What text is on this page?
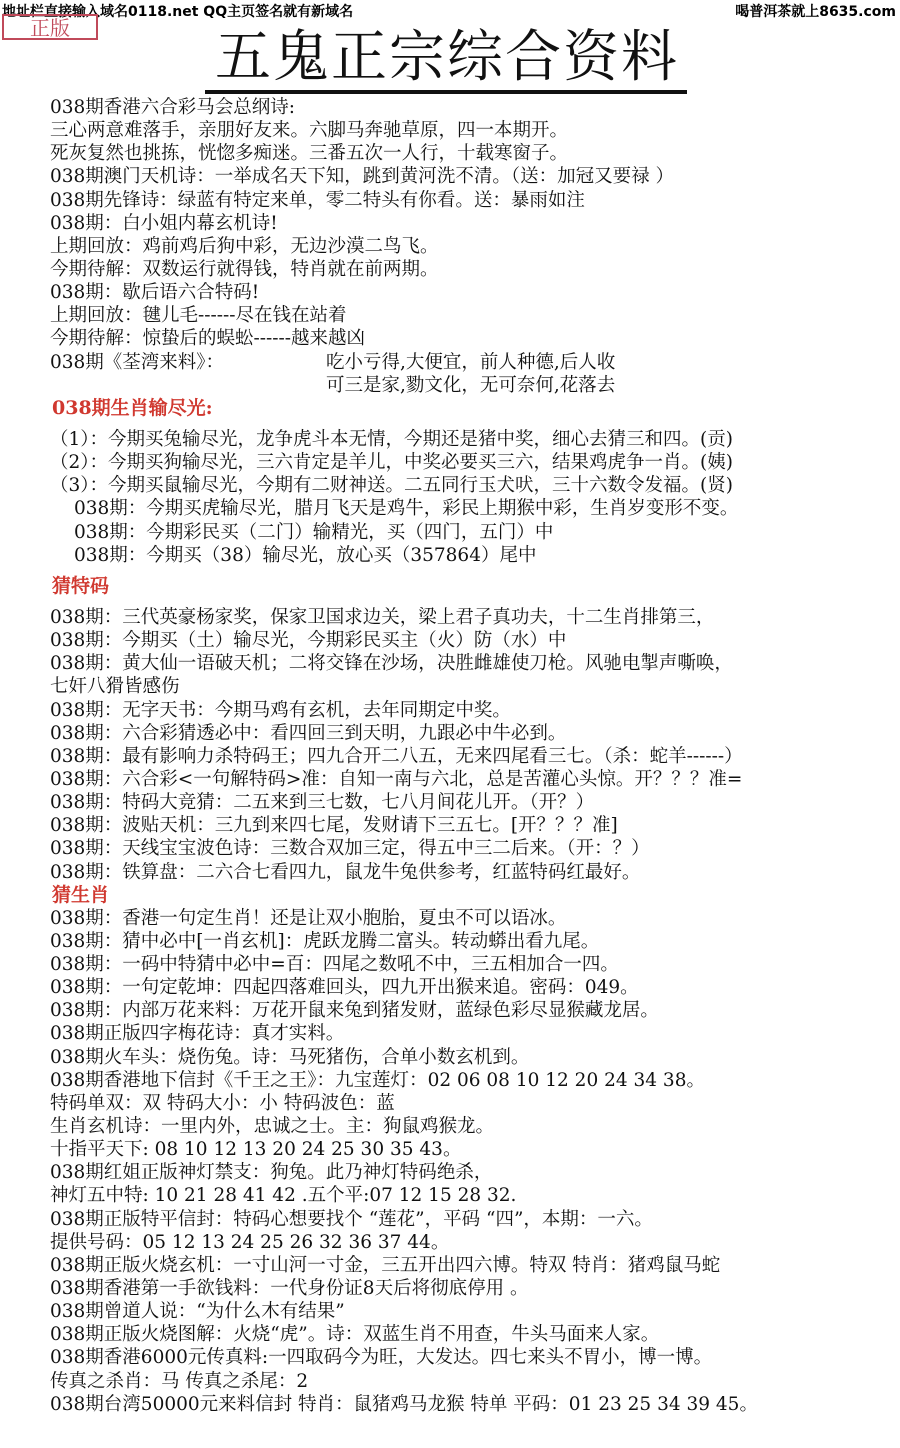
地址栏直接输入域名0118.net QQ主页签名就有新域名	喝普洱茶就上8635.com
正版	五鬼正宗综合资料
038期香港六合彩马会总纲诗:
三心两意难落手，亲朋好友来。六脚马奔驰草原，四一本期开。
死灰复然也挑拣，恍惚多痴迷。三番五次一人行，十载寒窗子。
038期澳门天机诗：一举成名天下知，跳到黄河洗不清。（送：加冠又要禄 ）
038期先锋诗：绿蓝有特定来单，零二特头有你看。送：暴雨如注
038期：白小姐内幕玄机诗!
上期回放：鸡前鸡后狗中彩，无边沙漠二鸟飞。
今期待解：双数运行就得钱，特肖就在前两期。
038期：歇后语六合特码!
上期回放：毽儿毛------尽在钱在站着
今期待解：惊蛰后的蜈蚣------越来越凶
038期《荃湾来料》：	吃小亏得,大便宜，前人种德,后人收
可三是家,勠文化，无可奈何,花落去
038期生肖输尽光:
（1）：今期买兔输尽光，龙争虎斗本无情，今期还是猪中奖，细心去猜三和四。(贡)
（2）：今期买狗输尽光，三六肯定是羊儿，中奖必要买三六，结果鸡虎争一肖。(姨)
（3）：今期买鼠输尽光，今期有二财神送。二五同行玉犬吠，三十六数令发福。(贤)
038期：今期买虎输尽光，腊月飞天是鸡牛，彩民上期猴中彩，生肖岁变形不变。
038期：今期彩民买（二门）输精光，买（四门，五门）中
038期：今期买（38）输尽光，放心买（357864）尾中
猜特码
038期：三代英豪杨家奖，保家卫国求边关，梁上君子真功夫，十二生肖排第三，
038期：今期买（土）输尽光，今期彩民买主（火）防（水）中
038期：黄大仙一语破天机；二将交锋在沙场，决胜雌雄使刀枪。风驰电掣声嘶唤，
七奸八猾皆感伤
038期：无字天书：今期马鸡有玄机，去年同期定中奖。
038期：六合彩猜透必中：看四回三到天明，九跟必中牛必到。
038期：最有影响力杀特码王；四九合开二八五，无来四尾看三七。（杀：蛇羊------）
038期：六合彩<一句解特码>准：自知一南与六北，总是苦灌心头惊。开？？？准=
038期：特码大竞猜：二五来到三七数，七八月间花儿开。（开？）
038期：波贴天机：三九到来四七尾，发财请下三五七。[开？？？准]
038期：天线宝宝波色诗：三数合双加三定，得五中三二后来。（开：？）
038期：铁算盘：二六合七看四九，鼠龙牛兔供参考，红蓝特码红最好。
猜生肖
038期：香港一句定生肖！还是让双小胞胎，夏虫不可以语冰。
038期：猜中必中[一肖玄机]：虎跃龙腾二富头。转动蟒出看九尾。
038期：一码中特猜中必中=百：四尾之数吼不中，三五相加合一四。
038期：一句定乾坤：四起四落难回头，四九开出猴来追。密码：049。
038期：内部万花来料：万花开鼠来兔到猪发财，蓝绿色彩尽显猴藏龙居。
038期正版四字梅花诗：真才实料。
038期火车头：烧伤兔。诗：马死猪伤，合单小数玄机到。
038期香港地下信封《千王之王》：九宝莲灯：02 06 08 10 12 20 24 34 38。
特码单双：双 特码大小：小 特码波色：蓝
生肖玄机诗：一里内外，忠诚之士。主：狗鼠鸡猴龙。
十指平天下: 08 10 12 13 20 24 25 30 35 43。
038期红姐正版神灯禁支：狗兔。此乃神灯特码绝杀，
神灯五中特: 10 21 28 41 42 .五个平:07 12 15 28 32.
038期正版特平信封：特码心想要找个 “莲花”，平码 “四”，本期：一六。
提供号码：05 12 13 24 25 26 32 36 37 44。
038期正版火烧玄机：一寸山河一寸金，三五开出四六博。特双 特肖：猪鸡鼠马蛇
038期香港第一手欲钱料：一代身份证8天后将彻底停用 。
038期曾道人说：“为什么木有结果”
038期正版火烧图解：火烧“虎”。诗：双蓝生肖不用查，牛头马面来人家。
038期香港6000元传真料:一四取码今为旺，大发达。四七来头不胃小，博一博。
传真之杀肖：马 传真之杀尾：2
038期台湾50000元来料信封 特肖：鼠猪鸡马龙猴 特单 平码：01 23 25 34 39 45。
